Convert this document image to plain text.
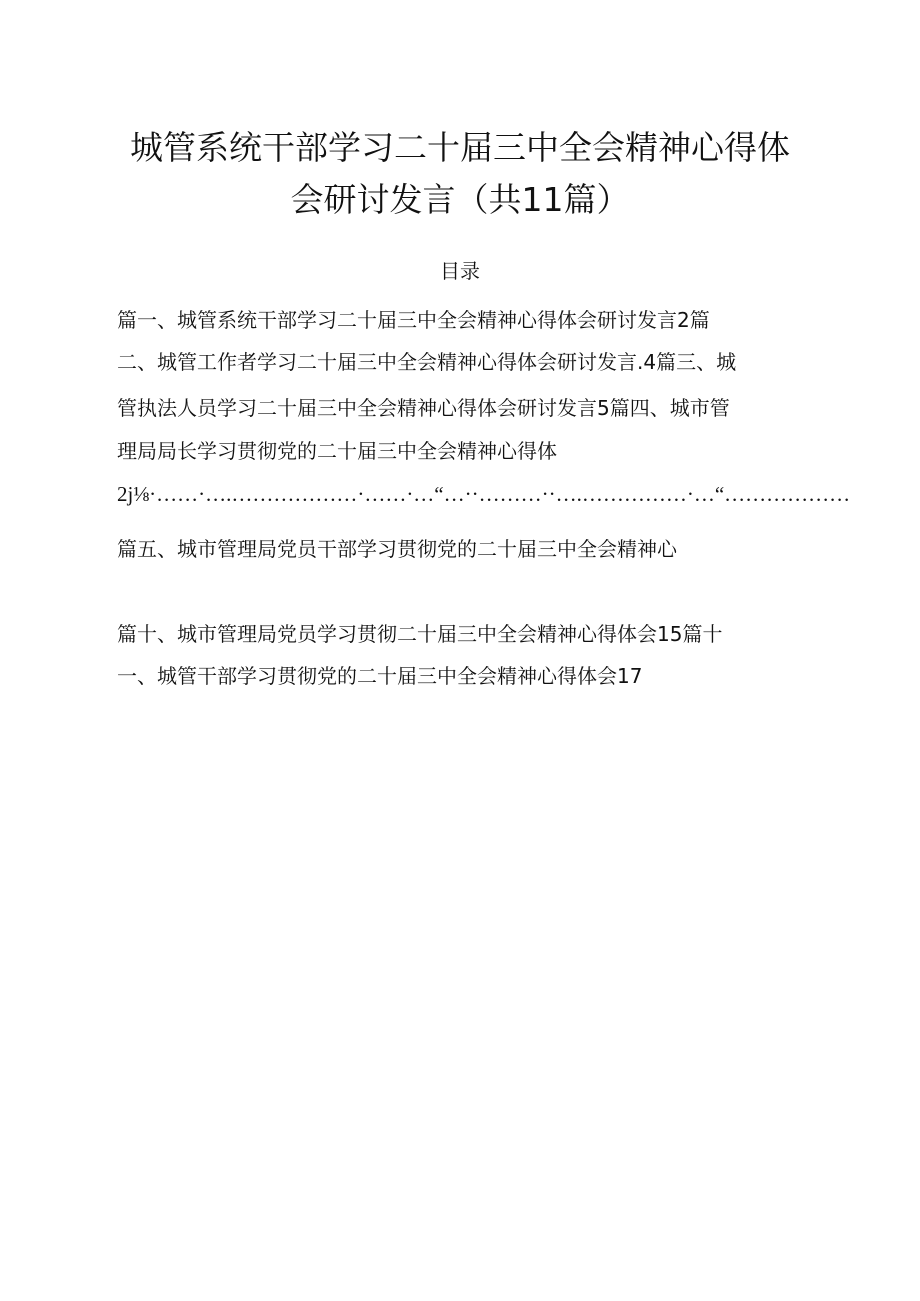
城管系统干部学习二十届三中全会精神心得体
会研讨发言（共11篇）
目录
篇一、城管系统干部学习二十届三中全会精神心得体会研讨发言2篇
二、城管工作者学习二十届三中全会精神心得体会研讨发言.4篇三、城
管执法人员学习二十届三中全会精神心得体会研讨发言5篇四、城市管
理局局长学习贯彻党的二十届三中全会精神心得体
2j⅛·……·….………………·……·…“…··………··….……………·…“………………
篇五、城市管理局党员干部学习贯彻党的二十届三中全会精神心
篇十、城市管理局党员学习贯彻二十届三中全会精神心得体会15篇十
一、城管干部学习贯彻党的二十届三中全会精神心得体会17
